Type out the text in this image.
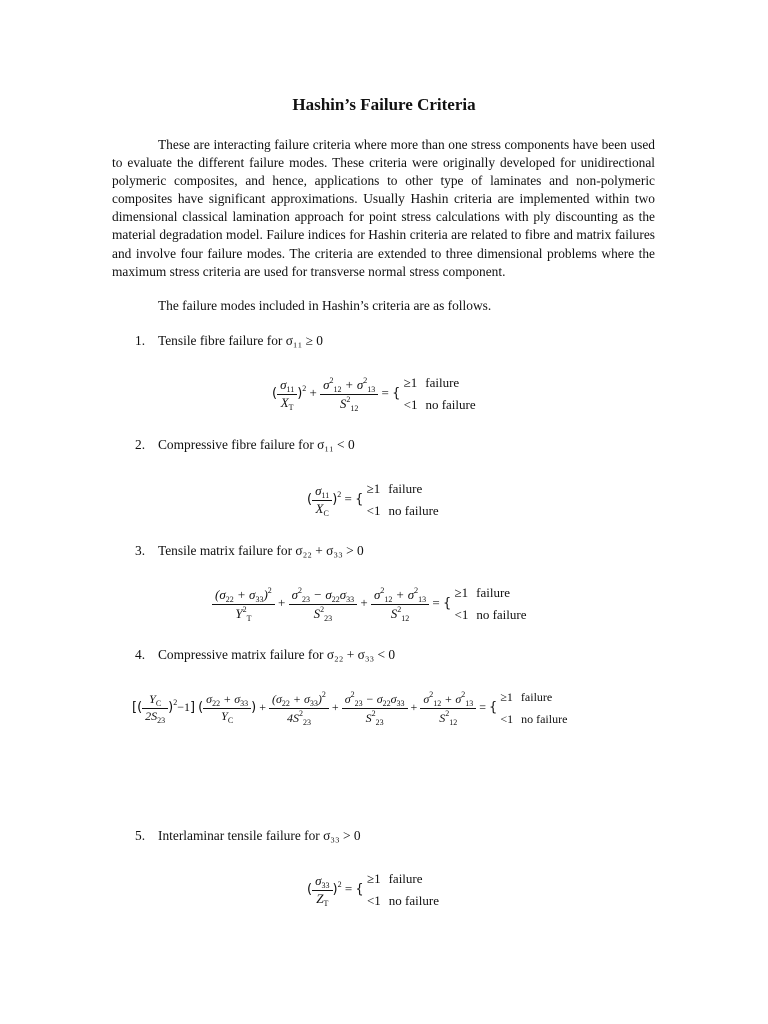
Hashin’s Failure Criteria
These are interacting failure criteria where more than one stress components have been used to evaluate the different failure modes. These criteria were originally developed for unidirectional polymeric composites, and hence, applications to other type of laminates and non-polymeric composites have significant approximations. Usually Hashin criteria are implemented within two dimensional classical lamination approach for point stress calculations with ply discounting as the material degradation model. Failure indices for Hashin criteria are related to fibre and matrix failures and involve four failure modes. The criteria are extended to three dimensional problems where the maximum stress criteria are used for transverse normal stress component.
The failure modes included in Hashin’s criteria are as follows.
1. Tensile fibre failure for σ₁₁ ≥ 0
( $\frac{\sigma_{11}}{X_T} )^2 + \frac{\sigma^2_{12} + \sigma^2_{13}}{S^2_{12}}$ = { ≥1 failure
<1 no failure
2. Compressive fibre failure for σ₁₁ < 0
( $\frac{\sigma_{11}}{X_C} )^2$ = { ≥1 failure
<1 no failure
3. Tensile matrix failure for σ₂₂ + σ₃₃ > 0
$\frac{(\sigma_{22} + \sigma_{33})^2}{Y^2_T} + \frac{\sigma^2_{23} - \sigma_{22}\sigma_{33}}{S^2_{23}} + \frac{\sigma^2_{12} + \sigma^2_{13}}{S^2_{12}}$ = { ≥1 failure
<1 no failure
4. Compressive matrix failure for σ₂₂ + σ₃₃ < 0
[( $\frac{Y_C}{2S_{23}} )^2-1$] ( $\frac{\sigma_{22} + \sigma_{33}}{Y_C}$ ) + $\frac{(\sigma_{22} + \sigma_{33})^2}{4S^2_{23}} + \frac{\sigma^2_{23} - \sigma_{22}\sigma_{33}}{S^2_{23}} + \frac{\sigma^2_{12} + \sigma^2_{13}}{S^2_{12}}$ = { ≥1 failure
<1 no failure
5. Interlaminar tensile failure for σ₃₃ > 0
( $\frac{\sigma_{33}}{Z_T} )^2$ = { ≥1 failure
<1 no failure
